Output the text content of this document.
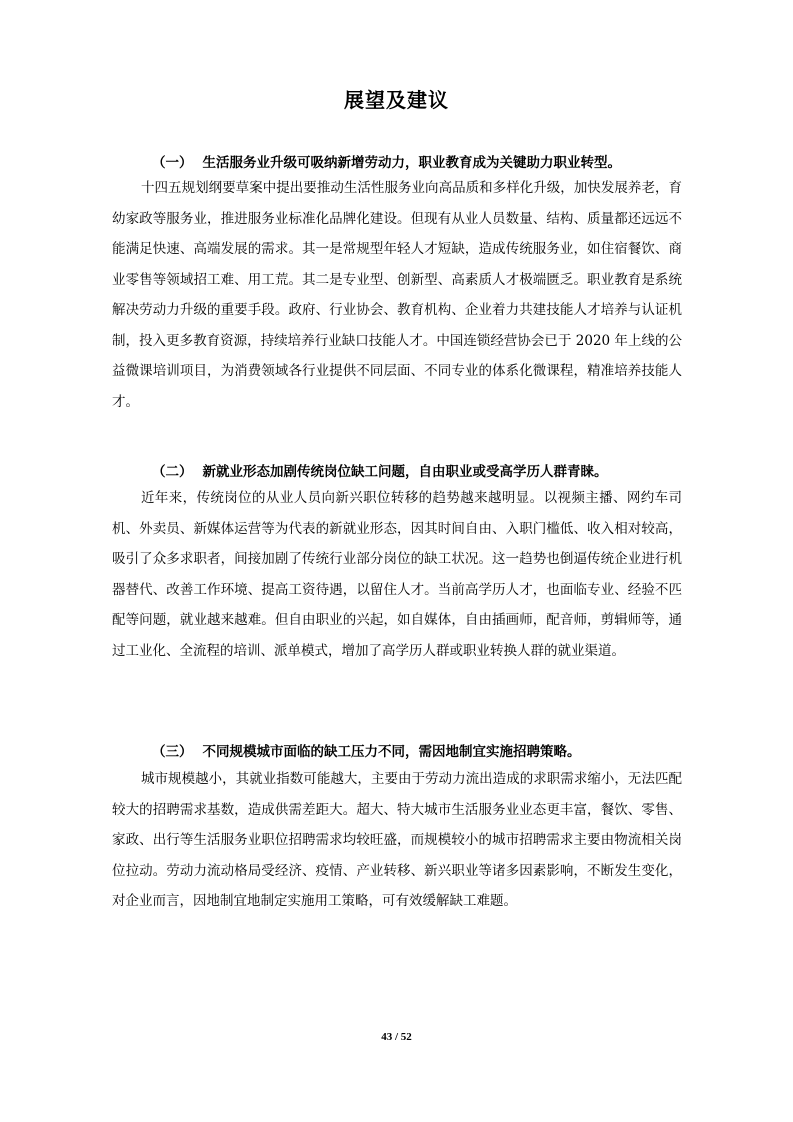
展望及建议
（一） 生活服务业升级可吸纳新增劳动力，职业教育成为关键助力职业转型。
十四五规划纲要草案中提出要推动生活性服务业向高品质和多样化升级，加快发展养老，育幼家政等服务业，推进服务业标准化品牌化建设。但现有从业人员数量、结构、质量都还远远不能满足快速、高端发展的需求。其一是常规型年轻人才短缺，造成传统服务业，如住宿餐饮、商业零售等领域招工难、用工荒。其二是专业型、创新型、高素质人才极端匮乏。职业教育是系统解决劳动力升级的重要手段。政府、行业协会、教育机构、企业着力共建技能人才培养与认证机制，投入更多教育资源，持续培养行业缺口技能人才。中国连锁经营协会已于 2020 年上线的公益微课培训项目，为消费领域各行业提供不同层面、不同专业的体系化微课程，精准培养技能人才。
（二） 新就业形态加剧传统岗位缺工问题，自由职业或受高学历人群青睐。
近年来，传统岗位的从业人员向新兴职位转移的趋势越来越明显。以视频主播、网约车司机、外卖员、新媒体运营等为代表的新就业形态，因其时间自由、入职门槛低、收入相对较高，吸引了众多求职者，间接加剧了传统行业部分岗位的缺工状况。这一趋势也倒逼传统企业进行机器替代、改善工作环境、提高工资待遇，以留住人才。当前高学历人才，也面临专业、经验不匹配等问题，就业越来越难。但自由职业的兴起，如自媒体，自由插画师，配音师，剪辑师等，通过工业化、全流程的培训、派单模式，增加了高学历人群或职业转换人群的就业渠道。
（三） 不同规模城市面临的缺工压力不同，需因地制宜实施招聘策略。
城市规模越小，其就业指数可能越大，主要由于劳动力流出造成的求职需求缩小，无法匹配较大的招聘需求基数，造成供需差距大。超大、特大城市生活服务业业态更丰富，餐饮、零售、家政、出行等生活服务业职位招聘需求均较旺盛，而规模较小的城市招聘需求主要由物流相关岗位拉动。劳动力流动格局受经济、疫情、产业转移、新兴职业等诸多因素影响，不断发生变化，对企业而言，因地制宜地制定实施用工策略，可有效缓解缺工难题。
43 / 52
